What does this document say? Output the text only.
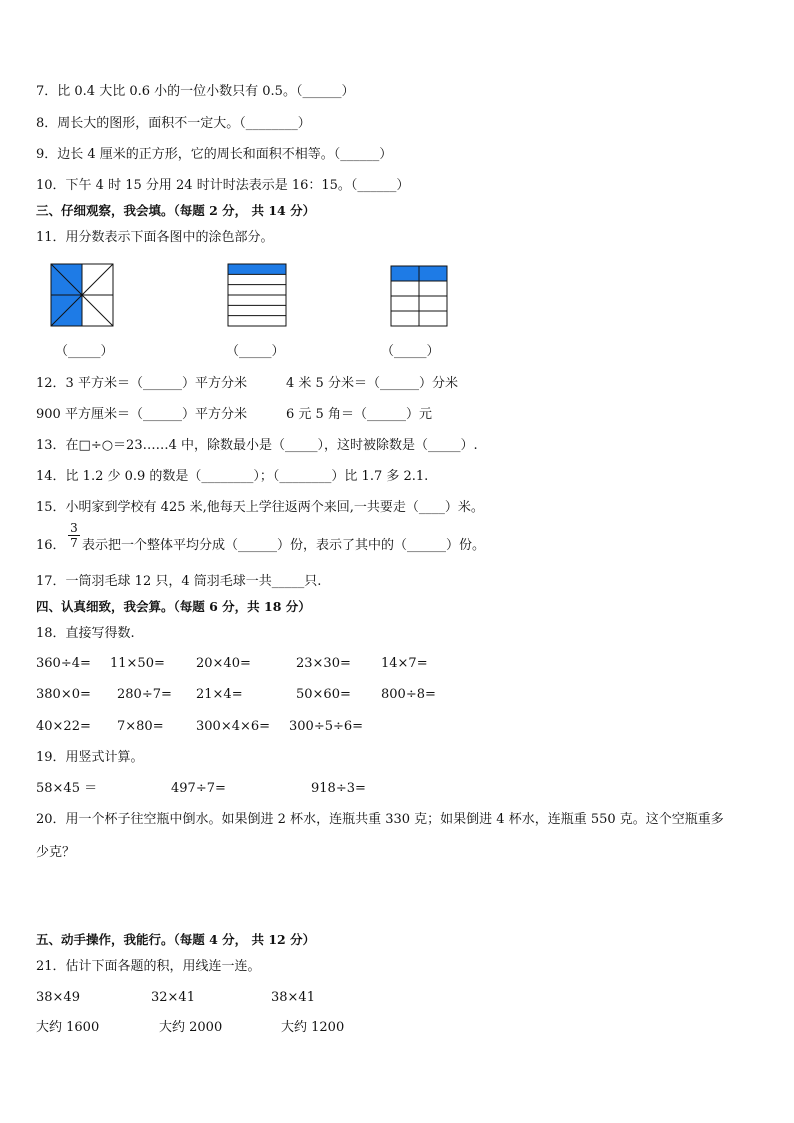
7．比 0.4 大比 0.6 小的一位小数只有 0.5。（______）
8．周长大的图形，面积不一定大。（________）
9．边长 4 厘米的正方形，它的周长和面积不相等。（______）
10．下午 4 时 15 分用 24 时计时法表示是 16：15。（______）
三、仔细观察，我会填。（每题 2 分， 共 14 分）
11．用分数表示下面各图中的涂色部分。
（_____）	（_____）	（_____）
12．3 平方米＝（______）平方分米	4 米 5 分米＝（______）分米
900 平方厘米＝（______）平方分米	6 元 5 角＝（______）元
13．在□÷○＝23……4 中，除数最小是（_____），这时被除数是（_____）.
14．比 1.2 少 0.9 的数是（________）；（________）比 1.7 多 2.1.
15．小明家到学校有 425 米,他每天上学往返两个来回,一共要走（____）米。
16． $\frac{3}{7}$ 表示把一个整体平均分成（______）份，表示了其中的（______）份。
17．一筒羽毛球 12 只，4 筒羽毛球一共_____只.
四、认真细致，我会算。（每题 6 分，共 18 分）
18．直接写得数.
360÷4= 11×50= 20×40=	23×30= 14×7=
380×0= 280÷7= 21×4=	50×60= 800÷8=
40×22= 7×80= 300×4×6= 300÷5÷6=
19．用竖式计算。
58×45 ＝	497÷7=	918÷3=
20．用一个杯子往空瓶中倒水。如果倒进 2 杯水，连瓶共重 330 克；如果倒进 4 杯水，连瓶重 550 克。这个空瓶重多
少克？
五、动手操作，我能行。（每题 4 分， 共 12 分）
21．估计下面各题的积，用线连一连。
38×49	32×41	38×41
大约 1600	大约 2000	大约 1200
